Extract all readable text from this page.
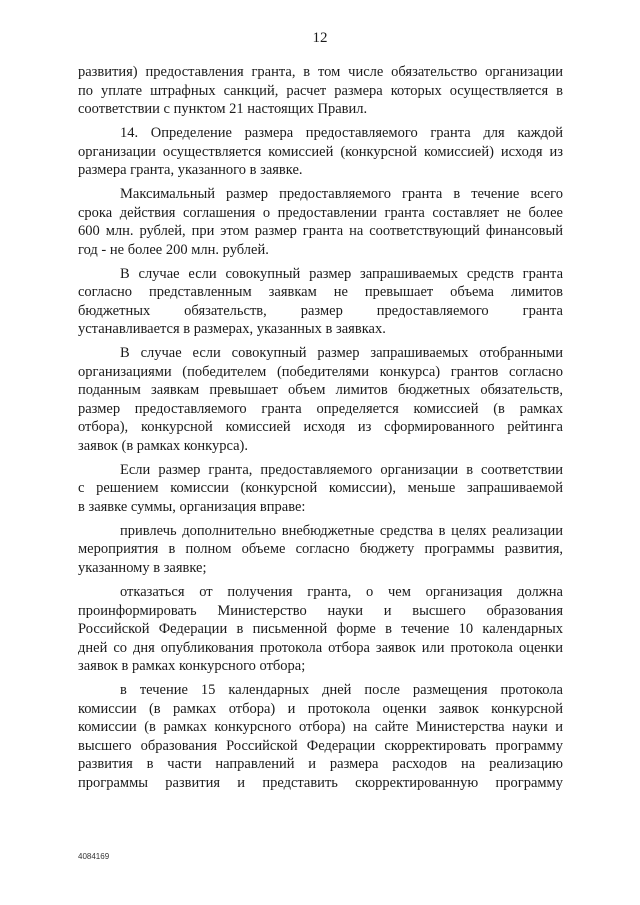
12
развития) предоставления гранта, в том числе обязательство организации
по уплате штрафных санкций, расчет размера которых осуществляется в
соответствии с пунктом 21 настоящих Правил.
14. Определение размера предоставляемого гранта для каждой
организации осуществляется комиссией (конкурсной комиссией) исходя из
размера гранта, указанного в заявке.
Максимальный размер предоставляемого гранта в течение всего
срока действия соглашения о предоставлении гранта составляет не более
600 млн. рублей, при этом размер гранта на соответствующий финансовый
год - не более 200 млн. рублей.
В случае если совокупный размер запрашиваемых средств гранта
согласно представленным заявкам не превышает объема лимитов
бюджетных обязательств, размер предоставляемого гранта
устанавливается в размерах, указанных в заявках.
В случае если совокупный размер запрашиваемых отобранными
организациями (победителем (победителями конкурса) грантов согласно
поданным заявкам превышает объем лимитов бюджетных обязательств,
размер предоставляемого гранта определяется комиссией (в рамках
отбора), конкурсной комиссией исходя из сформированного рейтинга
заявок (в рамках конкурса).
Если размер гранта, предоставляемого организации в соответствии
с решением комиссии (конкурсной комиссии), меньше запрашиваемой
в заявке суммы, организация вправе:
привлечь дополнительно внебюджетные средства в целях реализации
мероприятия в полном объеме согласно бюджету программы развития,
указанному в заявке;
отказаться от получения гранта, о чем организация должна
проинформировать Министерство науки и высшего образования
Российской Федерации в письменной форме в течение 10 календарных
дней со дня опубликования протокола отбора заявок или протокола оценки
заявок в рамках конкурсного отбора;
в течение 15 календарных дней после размещения протокола
комиссии (в рамках отбора) и протокола оценки заявок конкурсной
комиссии (в рамках конкурсного отбора) на сайте Министерства науки и
высшего образования Российской Федерации скорректировать программу
развития в части направлений и размера расходов на реализацию
программы развития и представить скорректированную программу
4084169
